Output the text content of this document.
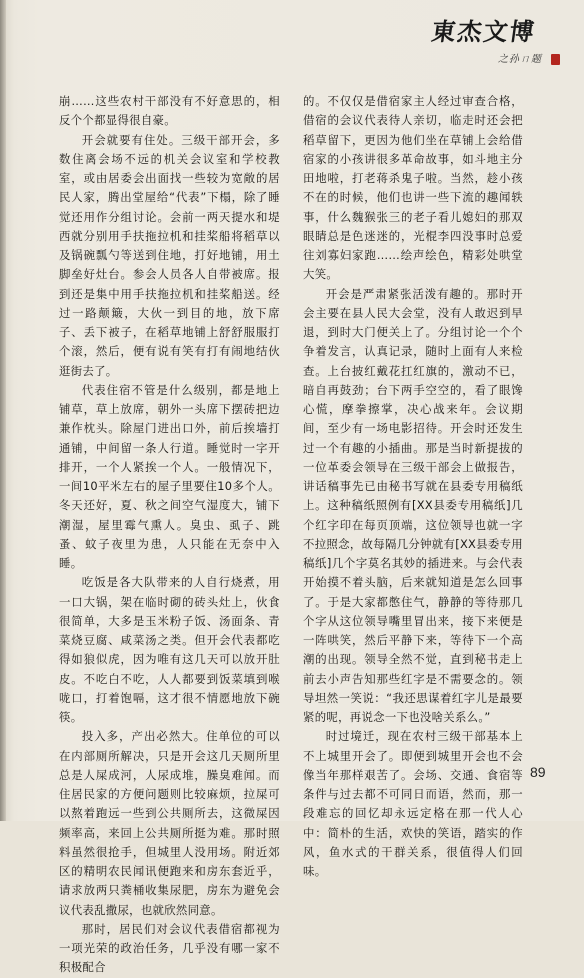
東杰文博
之孙ㄇ题

崩……这些农村干部没有不好意思的，相反个个都显得很自豪。

开会就要有住处。三级干部开会，多数住离会场不远的机关会议室和学校教室，或由居委会出面找一些较为宽敞的居民人家，腾出堂屋给“代表”下榻，除了睡觉还用作分组讨论。会前一两天提水和堤西就分别用手扶拖拉机和挂桨船将稻草以及锅碗瓢勺等送到住地，打好地铺，用土脚垒好灶台。参会人员各人自带被席。报到还是集中用手扶拖拉机和挂桨船送。经过一路颠簸，大伙一到目的地，放下席子、丢下被子，在稻草地铺上舒舒服服打个滚，然后，便有说有笑有打有闹地结伙逛街去了。

代表住宿不管是什么级别，都是地上铺草，草上放席，朝外一头席下摆砖把边兼作枕头。除屋门进出口外，前后挨墙打通铺，中间留一条人行道。睡觉时一字开排开，一个人紧挨一个人。一般情况下，一间10平米左右的屋子里要住10多个人。冬天还好，夏、秋之间空气湿度大，铺下潮湿，屋里霉气熏人。臭虫、虱子、跳蚤、蚊子夜里为患，人只能在无奈中入睡。

吃饭是各大队带来的人自行烧煮，用一口大锅，架在临时砌的砖头灶上，伙食很简单，大多是玉米粉子饭、汤面条、青菜烧豆腐、咸菜汤之类。但开会代表都吃得如狼似虎，因为唯有这几天可以放开肚皮。不吃白不吃，人人都要到饭菜填到喉咙口，打着饱嗝，这才很不情愿地放下碗筷。

投入多，产出必然大。住单位的可以在内部厕所解决，只是开会这几天厕所里总是人屎成河，人尿成堆，臊臭难闻。而住居民家的方便问题则比较麻烦，拉屎可以熬着跑远一些到公共厕所去，这微屎因频率高，来回上公共厕所挺为难。那时照料虽然很抢手，但城里人没用场。附近郊区的精明农民闻讯便跑来和房东套近乎，请求放两只粪桶收集尿肥，房东为避免会议代表乱撒尿，也就欣然同意。

那时，居民们对会议代表借宿都视为一项光荣的政治任务，几乎没有哪一家不积极配合

的。不仅仅是借宿家主人经过审查合格，借宿的会议代表待人亲切，临走时还会把稻草留下，更因为他们坐在草铺上会给借宿家的小孩讲很多革命故事，如斗地主分田地啦，打老蒋杀鬼子啦。当然，趁小孩不在的时候，他们也讲一些下流的趣闻轶事，什么魏猴张三的老子看儿媳妇的那双眼睛总是色迷迷的，光棍李四没事时总爱往刘寡妇家跑……绘声绘色，精彩处哄堂大笑。

开会是严肃紧张活泼有趣的。那时开会主要在县人民大会堂，没有人敢迟到早退，到时大门便关上了。分组讨论一个个争着发言，认真记录，随时上面有人来检查。上台披红戴花扛红旗的，激动不已，暗自再鼓劲；台下两手空空的，看了眼馋心慌，摩拳擦掌，决心战来年。会议期间，至少有一场电影招待。开会时还发生过一个有趣的小插曲。那是当时新提拔的一位革委会领导在三级干部会上做报告，讲话稿事先已由秘书写就在县委专用稿纸上。这种稿纸照例有[XX县委专用稿纸]几个红字印在每页顶端，这位领导也就一字不拉照念，故每隔几分钟就有[XX县委专用稿纸]几个字莫名其妙的插进来。与会代表开始摸不着头脑，后来就知道是怎么回事了。于是大家都憋住气，静静的等待那几个字从这位领导嘴里冒出来，接下来便是一阵哄笑，然后平静下来，等待下一个高潮的出现。领导全然不觉，直到秘书走上前去小声告知那些红字是不需要念的。领导坦然一笑说：“我还思谋着红字儿是最要紧的呢，再说念一下也没啥关系么。”

时过境迁，现在农村三级干部基本上不上城里开会了。即便到城里开会也不会像当年那样艰苦了。会场、交通、食宿等条件与过去都不可同日而语，然而，那一段难忘的回忆却永远定格在那一代人心中：简朴的生活，欢快的笑语，踏实的作风，鱼水式的干群关系，很值得人们回味。

89
